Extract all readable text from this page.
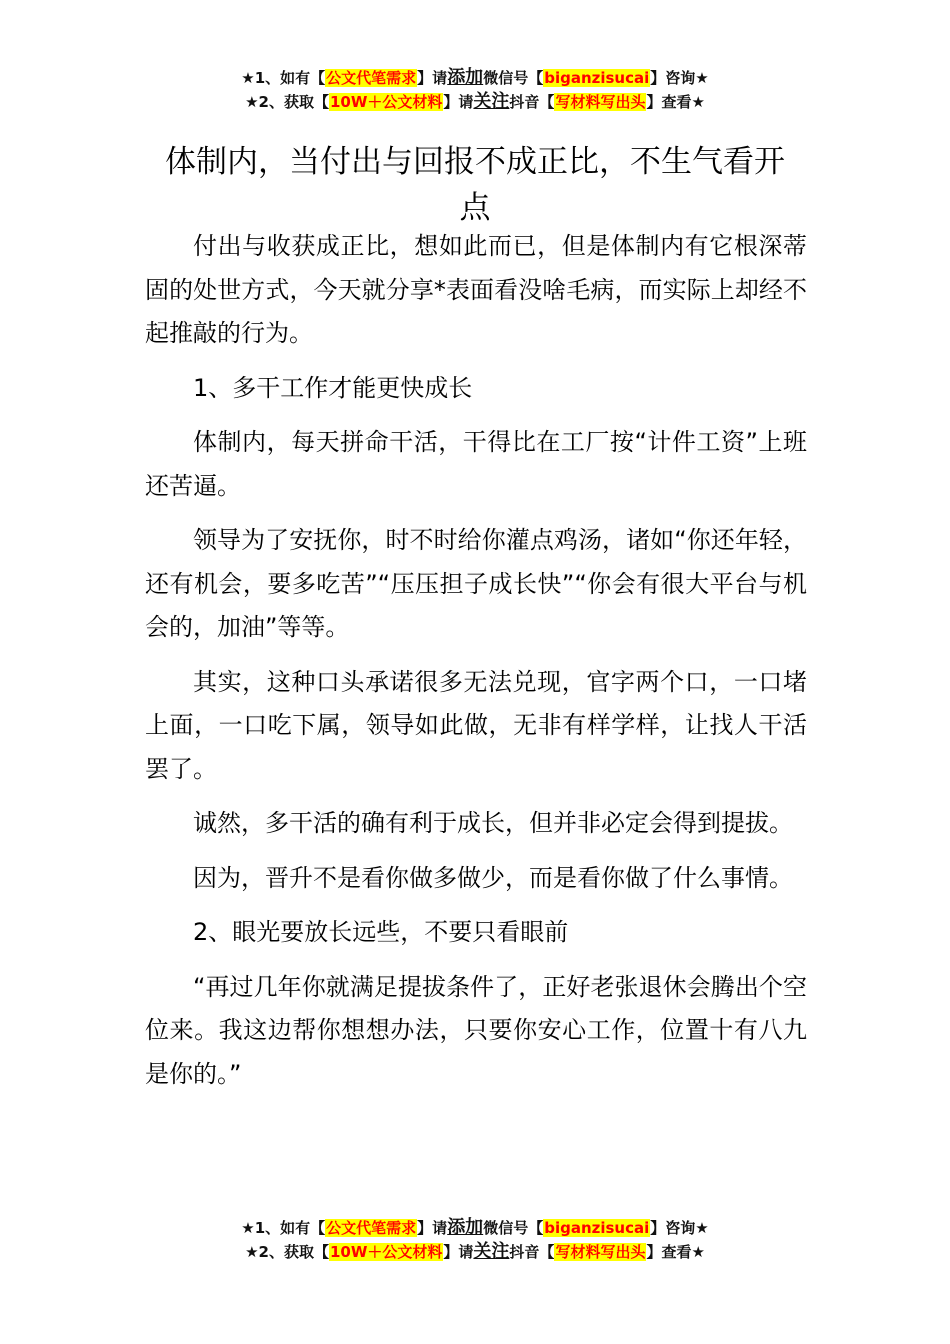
★1、如有【公文代笔需求】请添加微信号【biganzisucai】咨询★
★2、获取【10W＋公文材料】请关注抖音【写材料写出头】查看★
体制内，当付出与回报不成正比，不生气看开点

付出与收获成正比，想如此而已，但是体制内有它根深蒂固的处世方式，今天就分享*表面看没啥毛病，而实际上却经不起推敲的行为。

1、多干工作才能更快成长

体制内，每天拼命干活，干得比在工厂按“计件工资”上班还苦逼。

领导为了安抚你，时不时给你灌点鸡汤，诸如“你还年轻，还有机会，要多吃苦”“压压担子成长快”“你会有很大平台与机会的，加油”等等。

其实，这种口头承诺很多无法兑现，官字两个口，一口堵上面，一口吃下属，领导如此做，无非有样学样，让找人干活罢了。

诚然，多干活的确有利于成长，但并非必定会得到提拔。

因为，晋升不是看你做多做少，而是看你做了什么事情。

2、眼光要放长远些，不要只看眼前

“再过几年你就满足提拔条件了，正好老张退休会腾出个空位来。我这边帮你想想办法，只要你安心工作，位置十有八九是你的。”

★1、如有【公文代笔需求】请添加微信号【biganzisucai】咨询★
★2、获取【10W＋公文材料】请关注抖音【写材料写出头】查看★
